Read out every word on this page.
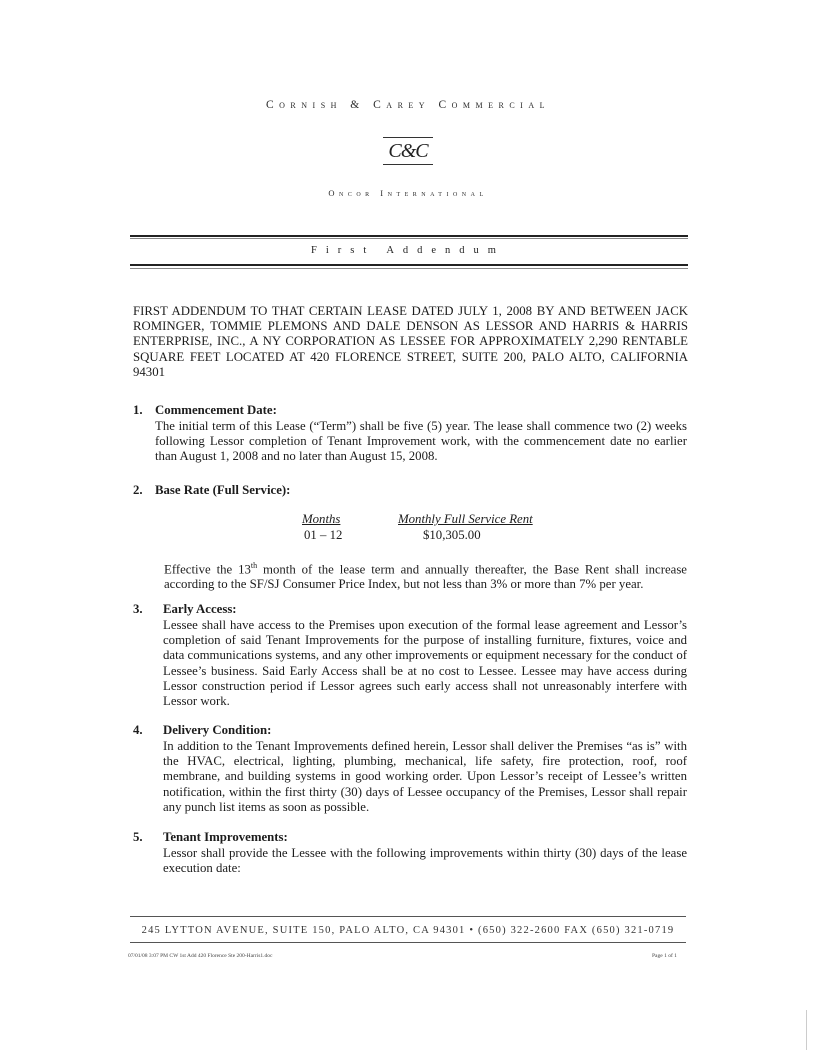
Cornish & Carey Commercial
C&C
Oncor International
First Addendum
FIRST ADDENDUM TO THAT CERTAIN LEASE DATED JULY 1, 2008 BY AND BETWEEN JACK ROMINGER, TOMMIE PLEMONS AND DALE DENSON AS LESSOR AND HARRIS & HARRIS ENTERPRISE, INC., A NY CORPORATION AS LESSEE FOR APPROXIMATELY 2,290 RENTABLE SQUARE FEET LOCATED AT 420 FLORENCE STREET, SUITE 200, PALO ALTO, CALIFORNIA 94301
1. Commencement Date:
The initial term of this Lease (“Term”) shall be five (5) year. The lease shall commence two (2) weeks following Lessor completion of Tenant Improvement work, with the commencement date no earlier than August 1, 2008 and no later than August 15, 2008.
2. Base Rate (Full Service):
Months	Monthly Full Service Rent
01 – 12	$10,305.00
Effective the 13th month of the lease term and annually thereafter, the Base Rent shall increase according to the SF/SJ Consumer Price Index, but not less than 3% or more than 7% per year.
3. Early Access:
Lessee shall have access to the Premises upon execution of the formal lease agreement and Lessor’s completion of said Tenant Improvements for the purpose of installing furniture, fixtures, voice and data communications systems, and any other improvements or equipment necessary for the conduct of Lessee’s business. Said Early Access shall be at no cost to Lessee. Lessee may have access during Lessor construction period if Lessor agrees such early access shall not unreasonably interfere with Lessor work.
4. Delivery Condition:
In addition to the Tenant Improvements defined herein, Lessor shall deliver the Premises “as is” with the HVAC, electrical, lighting, plumbing, mechanical, life safety, fire protection, roof, roof membrane, and building systems in good working order. Upon Lessor’s receipt of Lessee’s written notification, within the first thirty (30) days of Lessee occupancy of the Premises, Lessor shall repair any punch list items as soon as possible.
5. Tenant Improvements:
Lessor shall provide the Lessee with the following improvements within thirty (30) days of the lease execution date:
245 LYTTON AVENUE, SUITE 150, PALO ALTO, CA 94301 • (650) 322-2600 FAX (650) 321-0719
07/01/08 3:07 PM CW 1st Add 420 Florence Ste 200-Harris1.doc	Page 1 of 1
